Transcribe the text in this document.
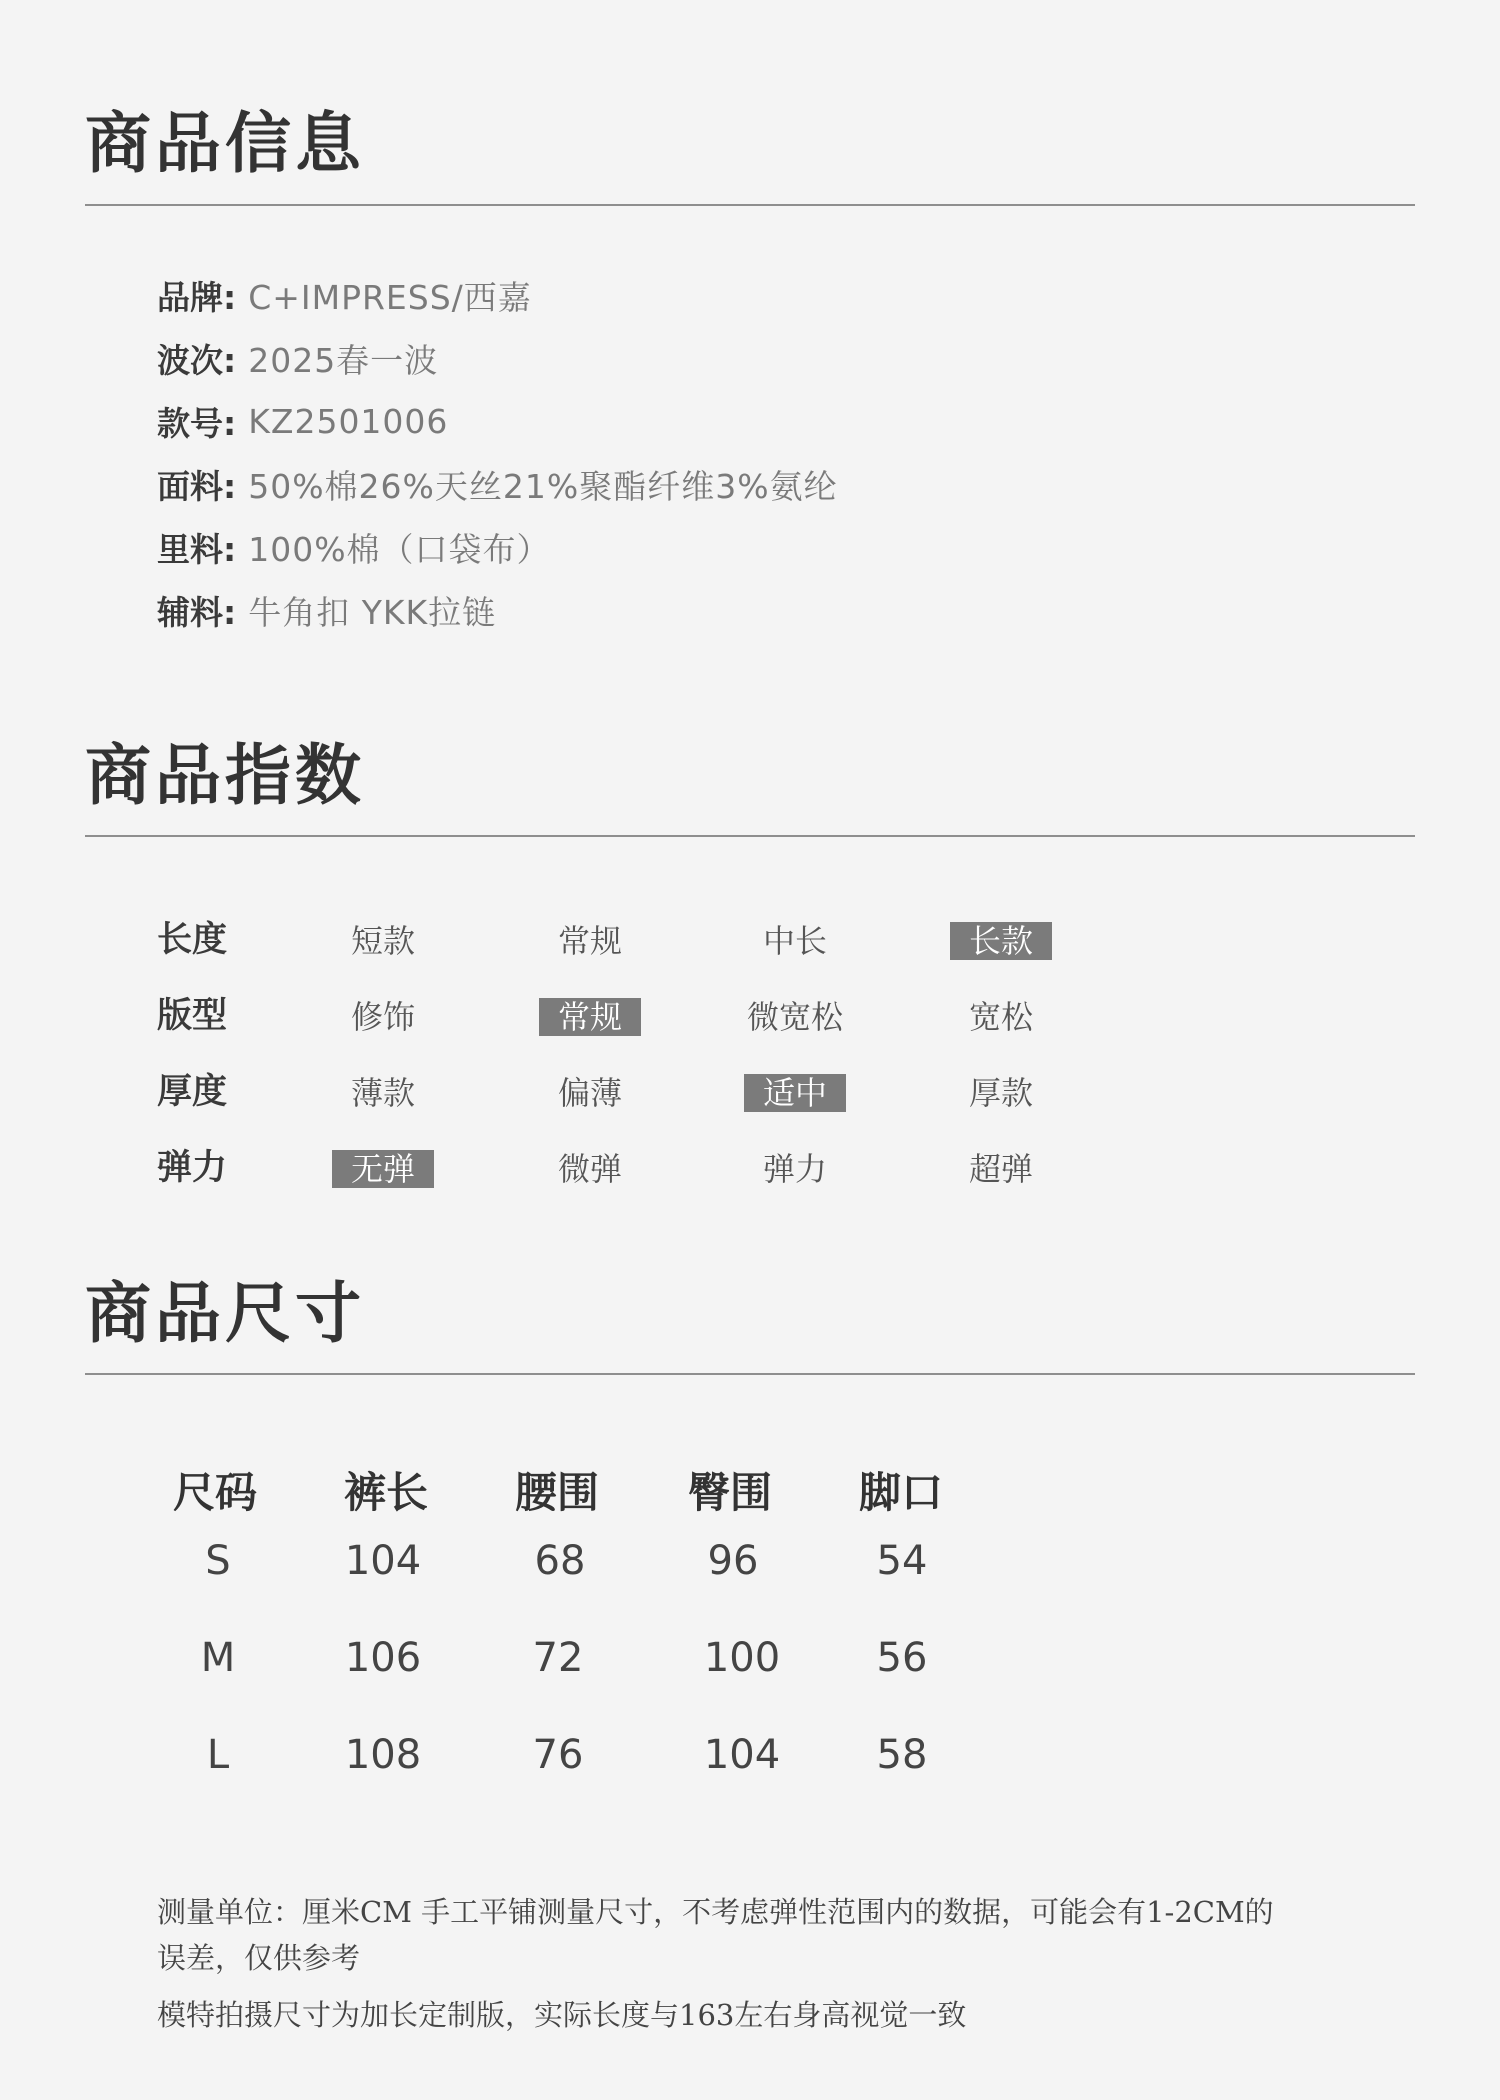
商品信息
品牌: C+IMPRESS/西嘉
波次: 2025春一波
款号: KZ2501006
面料: 50%棉26%天丝21%聚酯纤维3%氨纶
里料: 100%棉（口袋布）
辅料: 牛角扣 YKK拉链
商品指数
长度	短款	常规	中长	长款
版型	修饰	常规	微宽松	宽松
厚度	薄款	偏薄	适中	厚款
弹力	无弹	微弹	弹力	超弹
商品尺寸
尺码	裤长	腰围	臀围	脚口
S	104	68	96	54
M	106	72	100	56
L	108	76	104	58
测量单位：厘米CM 手工平铺测量尺寸，不考虑弹性范围内的数据，可能会有1-2CM的误差，仅供参考
模特拍摄尺寸为加长定制版，实际长度与163左右身高视觉一致
